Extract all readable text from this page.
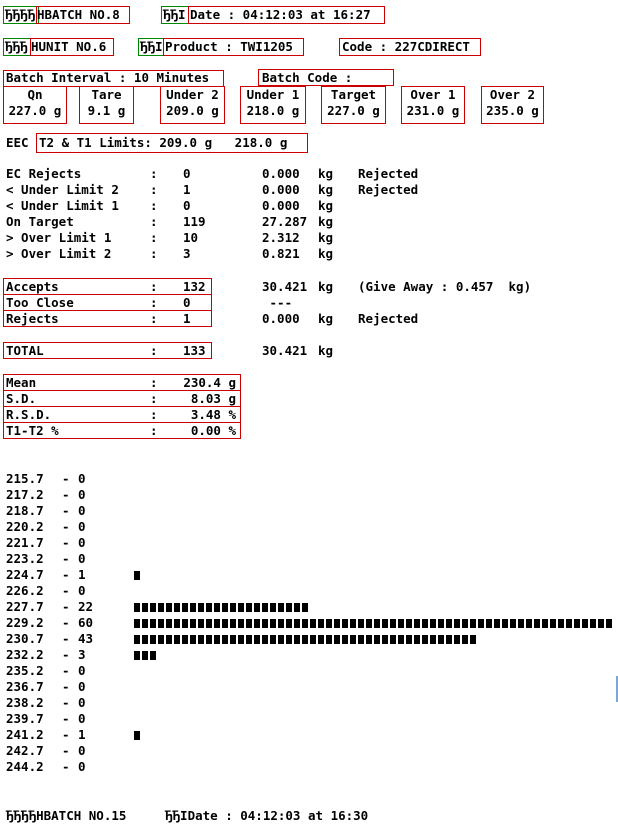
ЂЂЂЂ HBATCH NO.8	ЂЂI Date : 04:12:03 at 16:27
ЂЂЂ HUNIT NO.6	ЂЂI Product : TWI1205	Code : 227CDIRECT
Batch Interval : 10 Minutes	Batch Code :
Qn
227.0 g
Tare
9.1 g
Under 2
209.0 g
Under 1
218.0 g
Target
227.0 g
Over 1
231.0 g
Over 2
235.0 g
EEC T2 & T1 Limits: 209.0 g   218.0 g
EC Rejects	: 0	0.000 kg Rejected
< Under Limit 2 : 1	0.000 kg Rejected
< Under Limit 1 : 0	0.000 kg
On Target	: 119	27.287 kg
> Over Limit 1	: 10	2.312 kg
> Over Limit 2	: 3	0.821 kg
Accepts	: 132	30.421 kg (Give Away : 0.457  kg)
Too Close	: 0	---
Rejects	: 1	0.000 kg Rejected
TOTAL	: 133	30.421 kg
Mean	:	230.4 g
S.D.	:	8.03 g
R.S.D.	:	3.48 %
T1-T2 %	:	0.00 %
215.7 - 0
217.2 - 0
218.7 - 0
220.2 - 0
221.7 - 0
223.2 - 0
224.7 - 1
226.2 - 0
227.7 - 22
229.2 - 60
230.7 - 43
232.2 - 3
235.2 - 0
236.7 - 0
238.2 - 0
239.7 - 0
241.2 - 1
242.7 - 0
244.2 - 0
ЂЂЂЂHBATCH NO.15	ЂЂIDate : 04:12:03 at 16:30
